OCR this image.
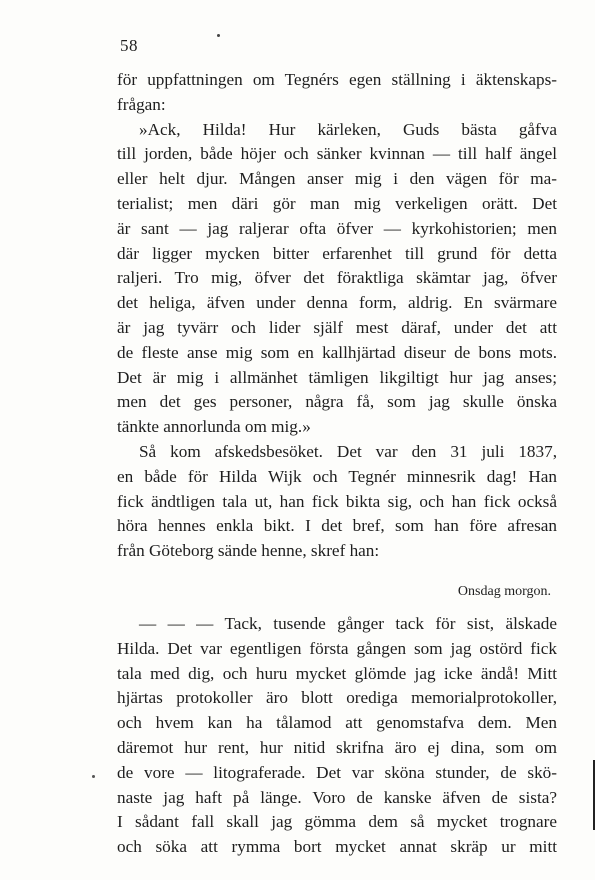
58
för uppfattningen om Tegnérs egen ställning i äktenskaps-
frågan:
»Ack, Hilda! Hur kärleken, Guds bästa gåfva
till jorden, både höjer och sänker kvinnan — till half ängel
eller helt djur. Mången anser mig i den vägen för ma-
terialist; men däri gör man mig verkeligen orätt. Det
är sant — jag raljerar ofta öfver — kyrkohistorien; men
där ligger mycken bitter erfarenhet till grund för detta
raljeri. Tro mig, öfver det föraktliga skämtar jag, öfver
det heliga, äfven under denna form, aldrig. En svärmare
är jag tyvärr och lider själf mest däraf, under det att
de fleste anse mig som en kallhjärtad diseur de bons mots.
Det är mig i allmänhet tämligen likgiltigt hur jag anses;
men det ges personer, några få, som jag skulle önska
tänkte annorlunda om mig.»
Så kom afskedsbesöket. Det var den 31 juli 1837,
en både för Hilda Wijk och Tegnér minnesrik dag! Han
fick ändtligen tala ut, han fick bikta sig, och han fick också
höra hennes enkla bikt. I det bref, som han före afresan
från Göteborg sände henne, skref han:
Onsdag morgon.
— — — Tack, tusende gånger tack för sist, älskade
Hilda. Det var egentligen första gången som jag ostörd fick
tala med dig, och huru mycket glömde jag icke ändå! Mitt
hjärtas protokoller äro blott orediga memorialprotokoller,
och hvem kan ha tålamod att genomstafva dem. Men
däremot hur rent, hur nitid skrifna äro ej dina, som om
de vore — litograferade. Det var sköna stunder, de skö-
naste jag haft på länge. Voro de kanske äfven de sista?
I sådant fall skall jag gömma dem så mycket trognare
och söka att rymma bort mycket annat skräp ur mitt
